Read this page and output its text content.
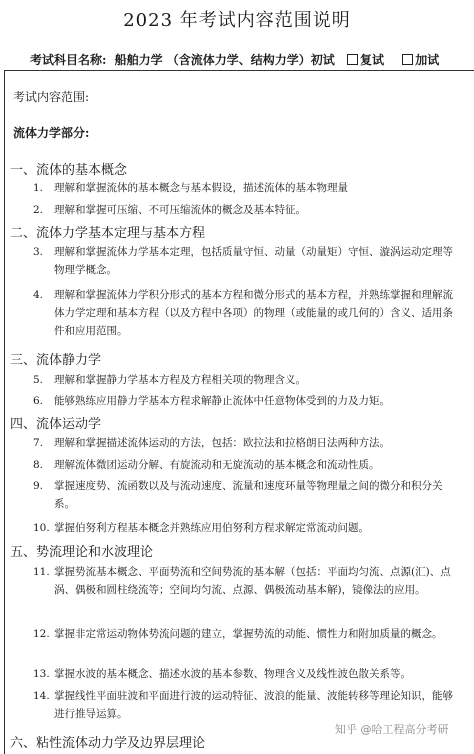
2023 年考试内容范围说明
考试科目名称: 船舶力学 （含流体力学、结构力学）初试 复试	加试
考试内容范围:
流体力学部分:
一、流体的基本概念
1.	理解和掌握流体的基本概念与基本假设，描述流体的基本物理量
2.	理解和掌握可压缩、不可压缩流体的概念及基本特征。
二、流体力学基本定理与基本方程
3.	理解和掌握流体力学基本定理，包括质量守恒、动量（动量矩）守恒、漩涡运动定理等物理学概念。
4.	理解和掌握流体力学积分形式的基本方程和微分形式的基本方程，并熟练掌握和理解流体力学定理和基本方程（以及方程中各项）的物理（或能量的或几何的）含义、适用条件和应用范围。
三、流体静力学
5.	理解和掌握静力学基本方程及方程相关项的物理含义。
6.	能够熟练应用静力学基本方程求解静止流体中任意物体受到的力及力矩。
四、流体运动学
7.	理解和掌握描述流体运动的方法，包括：欧拉法和拉格朗日法两种方法。
8.	理解流体微团运动分解、有旋流动和无旋流动的基本概念和流动性质。
9.	掌握速度势、流函数以及与流动速度、流量和速度环量等物理量之间的微分和积分关系。
10. 掌握伯努利方程基本概念并熟练应用伯努利方程求解定常流动问题。
五、势流理论和水波理论
11. 掌握势流基本概念、平面势流和空间势流的基本解（包括：平面均匀流、点源(汇)、点涡、偶极和圆柱绕流等；空间均匀流、点源、偶极流动基本解)，镜像法的应用。
12. 掌握非定常运动物体势流问题的建立，掌握势流的动能、惯性力和附加质量的概念。
13. 掌握水波的基本概念、描述水波的基本参数、物理含义及线性波色散关系等。
14. 掌握线性平面驻波和平面进行波的运动特征、波浪的能量、波能转移等理论知识，能够进行推导运算。
六、粘性流体动力学及边界层理论
知乎 @哈工程高分考研
